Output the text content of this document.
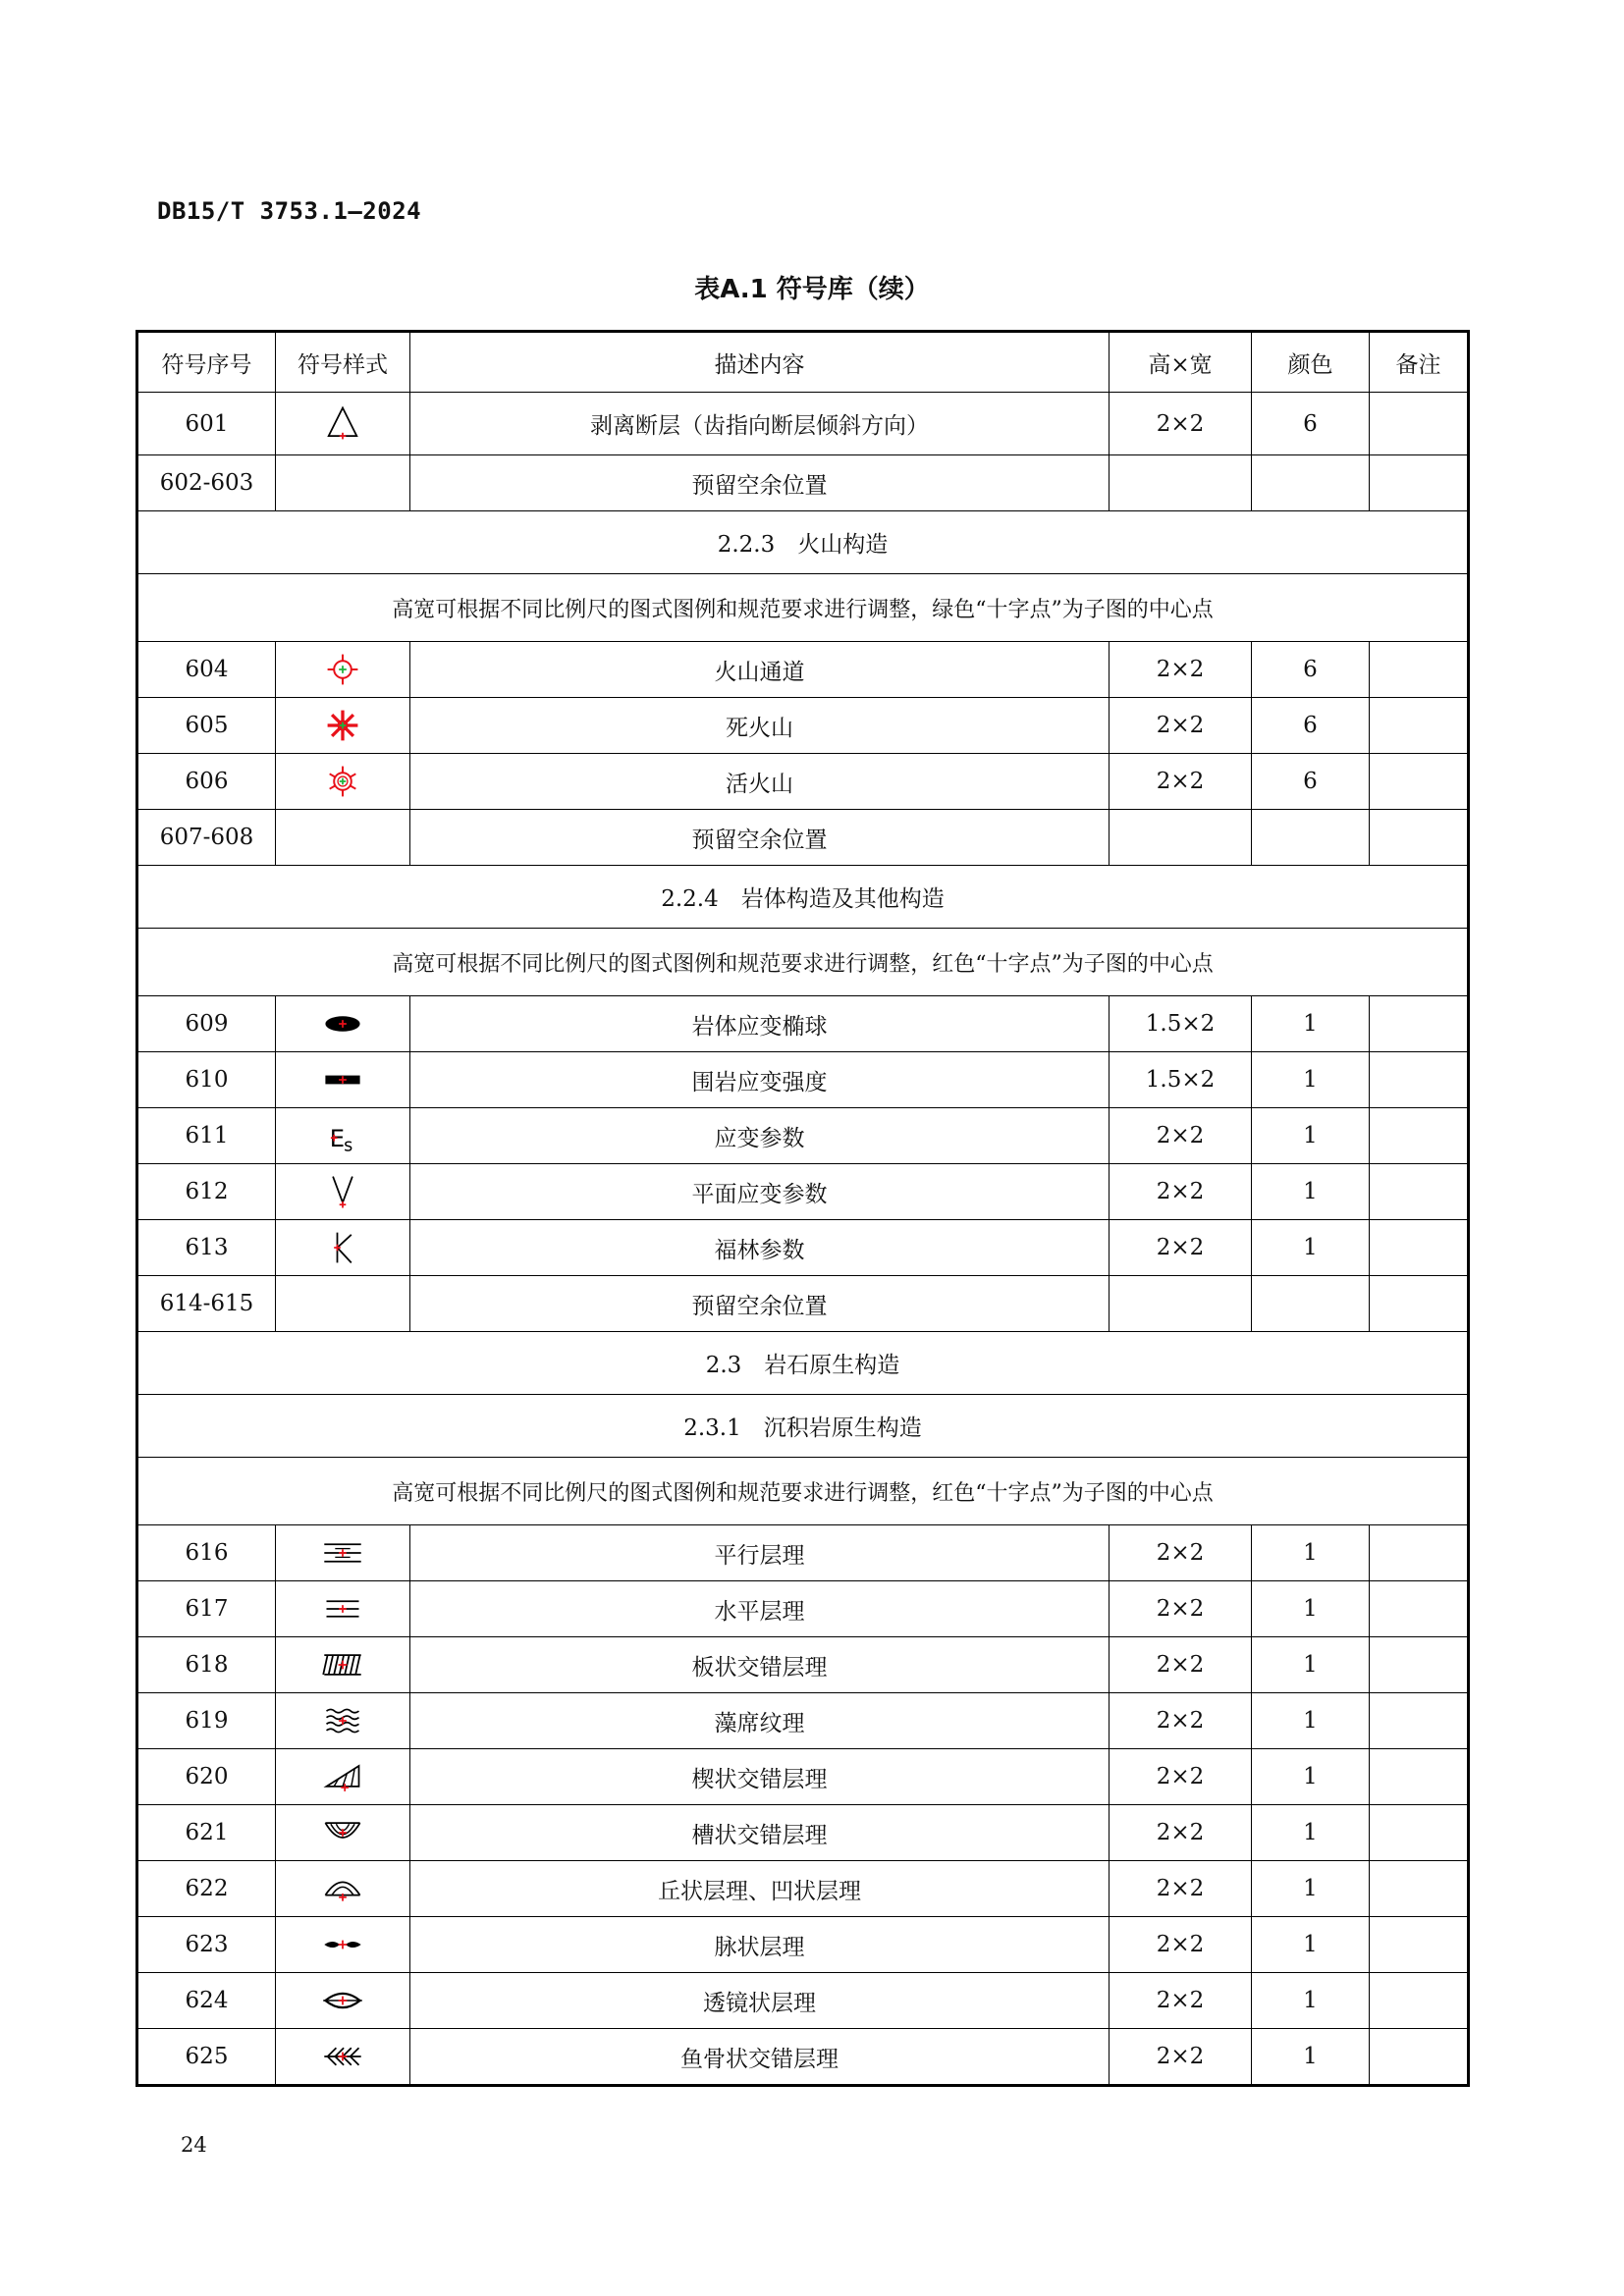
DB15/T 3753.1—2024
表A.1 符号库（续）
符号序号	符号样式	描述内容	高×宽	颜色	备注
601		剥离断层（齿指向断层倾斜方向）	2×2	6	
602-603		预留空余位置			
2.2.3　火山构造					
高宽可根据不同比例尺的图式图例和规范要求进行调整，绿色“十字点”为子图的中心点					
604		火山通道	2×2	6	
605		死火山	2×2	6	
606		活火山	2×2	6	
607-608		预留空余位置			
2.2.4　岩体构造及其他构造					
高宽可根据不同比例尺的图式图例和规范要求进行调整，红色“十字点”为子图的中心点					
609		岩体应变椭球	1.5×2	1	
610		围岩应变强度	1.5×2	1	
611	E s	应变参数	2×2	1	
612		平面应变参数	2×2	1	
613		福林参数	2×2	1	
614-615		预留空余位置			
2.3　岩石原生构造					
2.3.1　沉积岩原生构造					
高宽可根据不同比例尺的图式图例和规范要求进行调整，红色“十字点”为子图的中心点					
616		平行层理	2×2	1	
617		水平层理	2×2	1	
618		板状交错层理	2×2	1	
619		藻席纹理	2×2	1	
620		楔状交错层理	2×2	1	
621		槽状交错层理	2×2	1	
622		丘状层理、凹状层理	2×2	1	
623		脉状层理	2×2	1	
624		透镜状层理	2×2	1	
625		鱼骨状交错层理	2×2	1	
24
